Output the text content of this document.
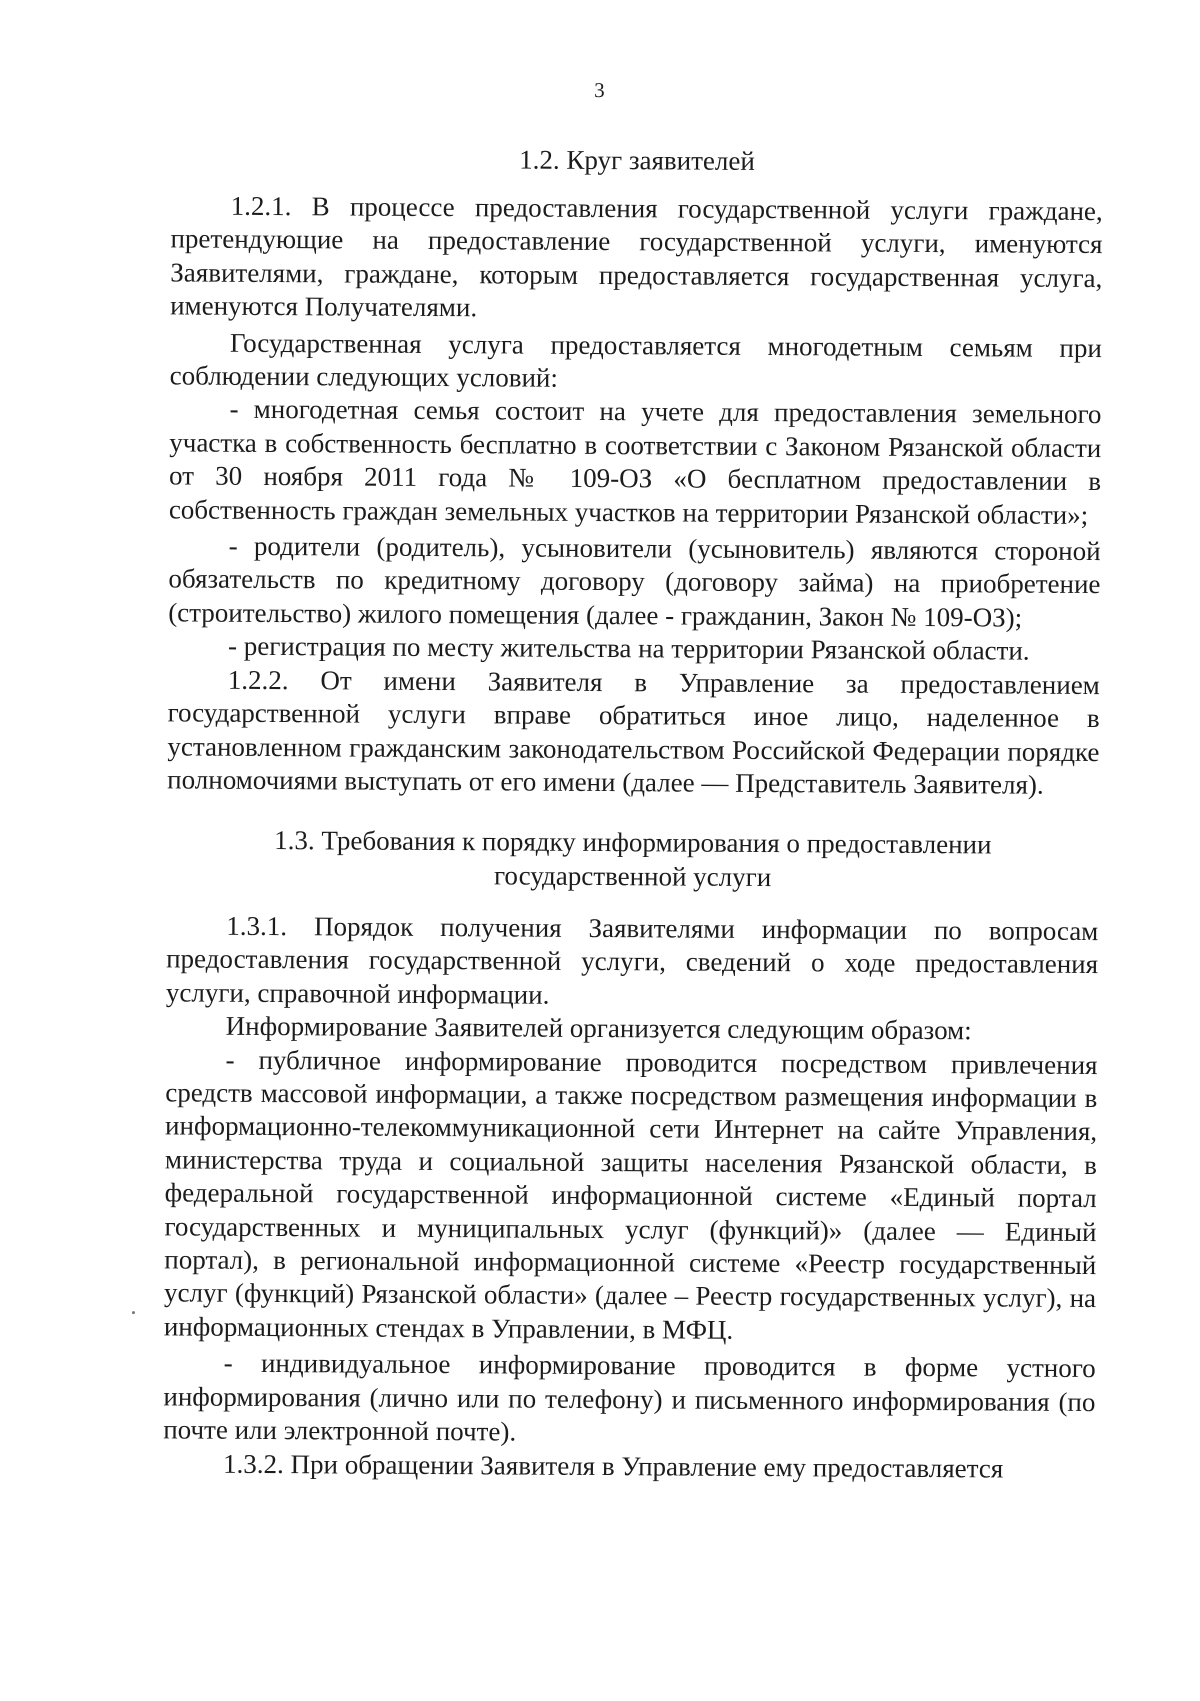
3
1.2. Круг заявителей

1.2.1. В процессе предоставления государственной услуги граждане, претендующие на предоставление государственной услуги, именуются Заявителями, граждане, которым предоставляется государственная услуга, именуются Получателями.

Государственная услуга предоставляется многодетным семьям при соблюдении следующих условий:

- многодетная семья состоит на учете для предоставления земельного участка в собственность бесплатно в соответствии с Законом Рязанской области от 30 ноября 2011 года № 109-ОЗ «О бесплатном предоставлении в собственность граждан земельных участков на территории Рязанской области»;

- родители (родитель), усыновители (усыновитель) являются стороной обязательств по кредитному договору (договору займа) на приобретение (строительство) жилого помещения (далее - гражданин, Закон № 109-ОЗ);

- регистрация по месту жительства на территории Рязанской области.

1.2.2. От имени Заявителя в Управление за предоставлением государственной услуги вправе обратиться иное лицо, наделенное в установленном гражданским законодательством Российской Федерации порядке полномочиями выступать от его имени (далее — Представитель Заявителя).

1.3. Требования к порядку информирования о предоставлении
государственной услуги

1.3.1. Порядок получения Заявителями информации по вопросам предоставления государственной услуги, сведений о ходе предоставления услуги, справочной информации.

Информирование Заявителей организуется следующим образом:

- публичное информирование проводится посредством привлечения средств массовой информации, а также посредством размещения информации в информационно-телекоммуникационной сети Интернет на сайте Управления, министерства труда и социальной защиты населения Рязанской области, в федеральной государственной информационной системе «Единый портал государственных и муниципальных услуг (функций)» (далее — Единый портал), в региональной информационной системе «Реестр государственный услуг (функций) Рязанской области» (далее – Реестр государственных услуг), на информационных стендах в Управлении, в МФЦ.

- индивидуальное информирование проводится в форме устного информирования (лично или по телефону) и письменного информирования (по почте или электронной почте).

1.3.2. При обращении Заявителя в Управление ему предоставляется
